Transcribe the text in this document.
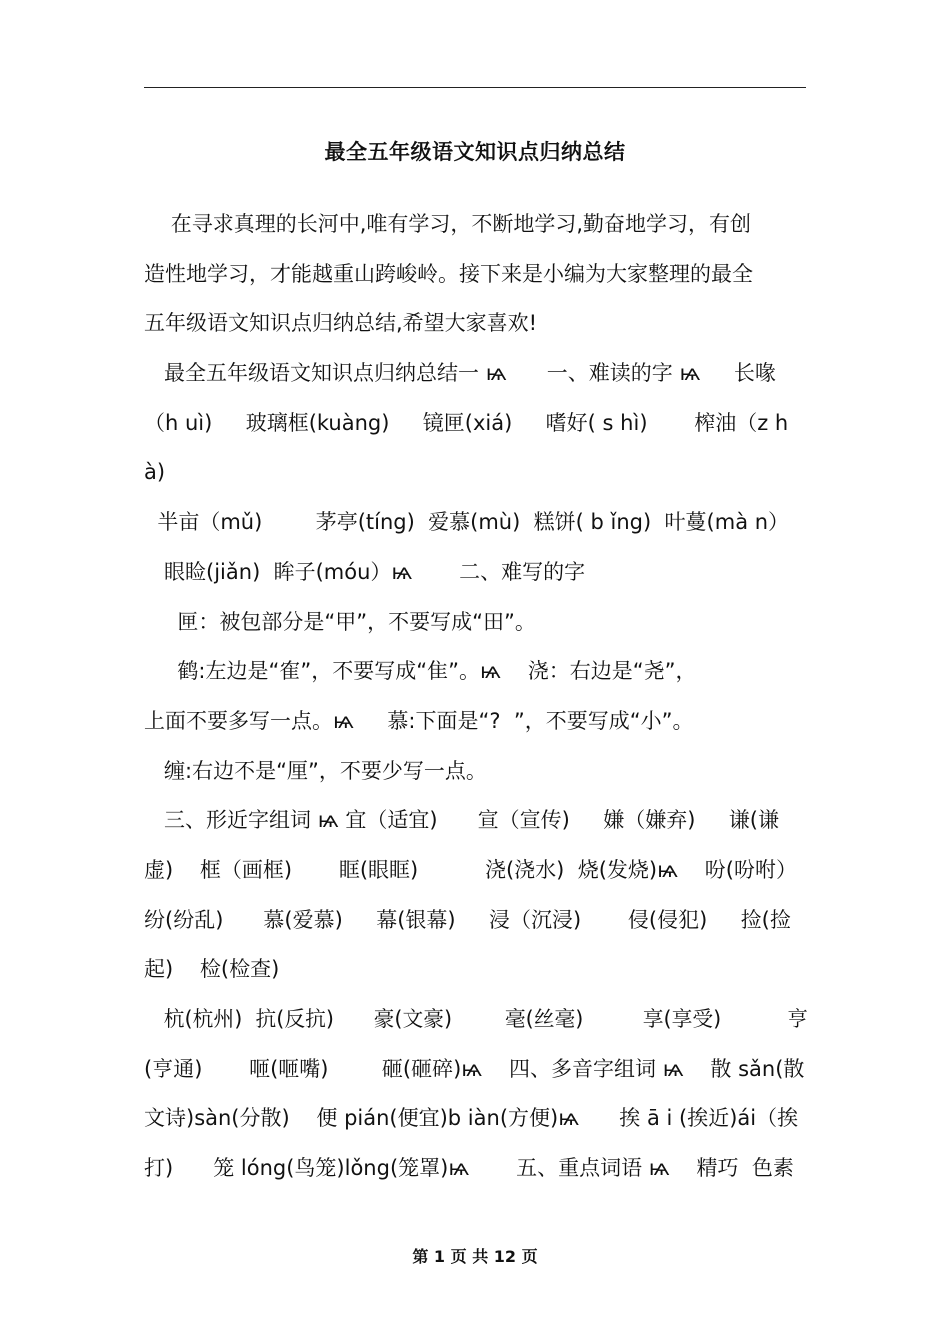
最全五年级语文知识点归纳总结
在寻求真理的长河中,唯有学习，不断地学习,勤奋地学习，有创
造性地学习，才能越重山跨峻岭。接下来是小编为大家整理的最全
五年级语文知识点归纳总结,希望大家喜欢!
最全五年级语文知识点归纳总结一 ѩ      一、难读的字 ѩ     长喙
（h uì)     玻璃框(kuàng)     镜匣(xiá)     嗜好( s hì)       榨油（z h
à)
半亩（mǔ)        茅亭(tíng)  爱慕(mù)  糕饼( b ǐng)  叶蔓(mà n）
眼睑(jiǎn)  眸子(móu）ѩ       二、难写的字
匣：被包部分是“甲”，不要写成“田”。
鹤:左边是“隺”，不要写成“隹”。ѩ    浇：右边是“尧”，
上面不要多写一点。ѩ     慕:下面是“?  ”，不要写成“小”。
缠:右边不是“厘”，不要少写一点。
三、形近字组词 ѩ 宜（适宜)      宣（宣传)     嫌（嫌弃)     谦(谦
虚)    框（画框)       眶(眼眶)          浇(浇水)  烧(发烧)ѩ    吩(吩咐）
纷(纷乱)      慕(爱慕)     幕(银幕)     浸（沉浸)       侵(侵犯)     捡(捡
起)    检(检查)
杭(杭州)  抗(反抗)      豪(文豪)        毫(丝毫)         享(享受)          亨
(亨通)       咂(咂嘴)        砸(砸碎)ѩ    四、多音字组词 ѩ    散 sǎn(散
文诗)sàn(分散)    便 pián(便宜)b iàn(方便)ѩ      挨 ā i (挨近)ái（挨
打)      笼 lóng(鸟笼)lǒng(笼罩)ѩ       五、重点词语 ѩ    精巧  色素
第 1 页 共 12 页
